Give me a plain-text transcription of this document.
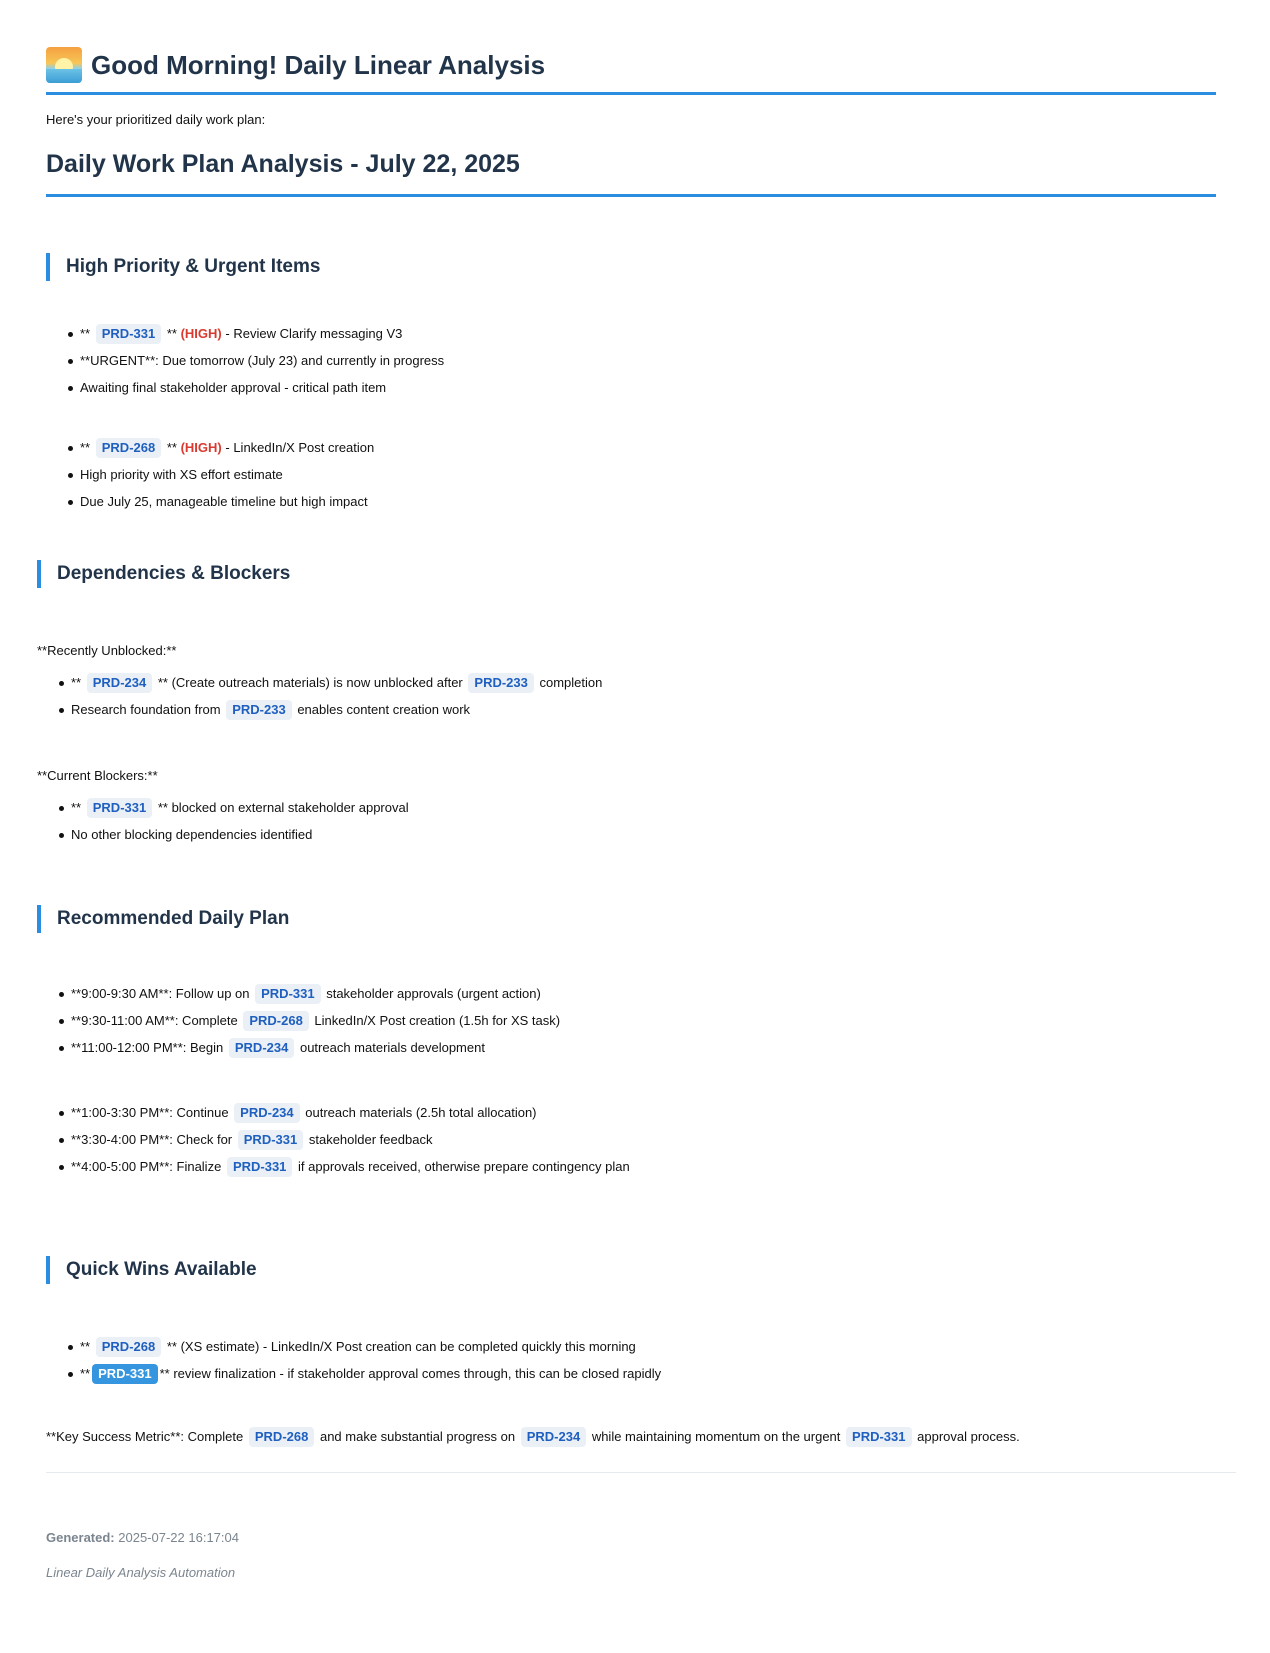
Good Morning! Daily Linear Analysis
Here's your prioritized daily work plan:
Daily Work Plan Analysis - July 22, 2025
High Priority & Urgent Items
** PRD-331 ** (HIGH) - Review Clarify messaging V3
**URGENT**: Due tomorrow (July 23) and currently in progress
Awaiting final stakeholder approval - critical path item
** PRD-268 ** (HIGH) - LinkedIn/X Post creation
High priority with XS effort estimate
Due July 25, manageable timeline but high impact
Dependencies & Blockers
**Recently Unblocked:**
** PRD-234 ** (Create outreach materials) is now unblocked after PRD-233 completion
Research foundation from PRD-233 enables content creation work
**Current Blockers:**
** PRD-331 ** blocked on external stakeholder approval
No other blocking dependencies identified
Recommended Daily Plan
**9:00-9:30 AM**: Follow up on PRD-331 stakeholder approvals (urgent action)
**9:30-11:00 AM**: Complete PRD-268 LinkedIn/X Post creation (1.5h for XS task)
**11:00-12:00 PM**: Begin PRD-234 outreach materials development
**1:00-3:30 PM**: Continue PRD-234 outreach materials (2.5h total allocation)
**3:30-4:00 PM**: Check for PRD-331 stakeholder feedback
**4:00-5:00 PM**: Finalize PRD-331 if approvals received, otherwise prepare contingency plan
Quick Wins Available
** PRD-268 ** (XS estimate) - LinkedIn/X Post creation can be completed quickly this morning
** PRD-331 ** review finalization - if stakeholder approval comes through, this can be closed rapidly
**Key Success Metric**: Complete PRD-268 and make substantial progress on PRD-234 while maintaining momentum on the urgent PRD-331 approval process.
Generated: 2025-07-22 16:17:04
Linear Daily Analysis Automation
